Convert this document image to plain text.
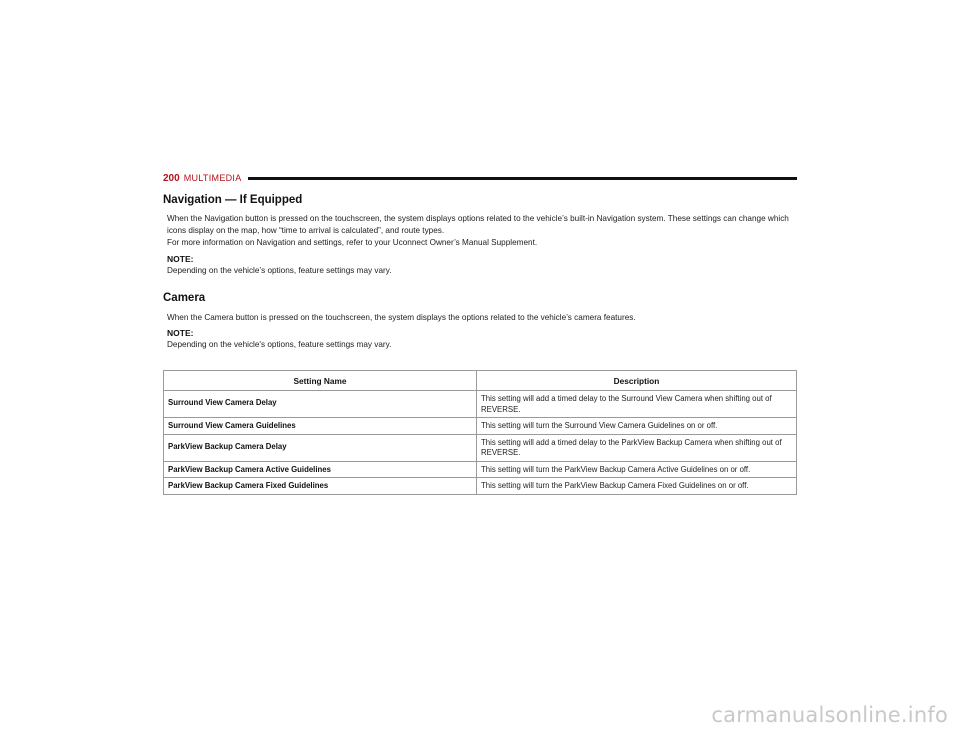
200 MULTIMEDIA
Navigation — If Equipped

When the Navigation button is pressed on the touchscreen, the system displays options related to the vehicle’s built-in Navigation system. These settings can change which icons display on the map, how “time to arrival is calculated”, and route types.

For more information on Navigation and settings, refer to your Uconnect Owner’s Manual Supplement.

NOTE:

Depending on the vehicle’s options, feature settings may vary.

Camera

When the Camera button is pressed on the touchscreen, the system displays the options related to the vehicle’s camera features.

NOTE:

Depending on the vehicle's options, feature settings may vary.

Setting Name	Description
Surround View Camera Delay	This setting will add a timed delay to the Surround View Camera when shifting out of REVERSE.
Surround View Camera Guidelines	This setting will turn the Surround View Camera Guidelines on or off.
ParkView Backup Camera Delay	This setting will add a timed delay to the ParkView Backup Camera when shifting out of REVERSE.
ParkView Backup Camera Active Guidelines	This setting will turn the ParkView Backup Camera Active Guidelines on or off.
ParkView Backup Camera Fixed Guidelines	This setting will turn the ParkView Backup Camera Fixed Guidelines on or off.
carmanualsonline.info
